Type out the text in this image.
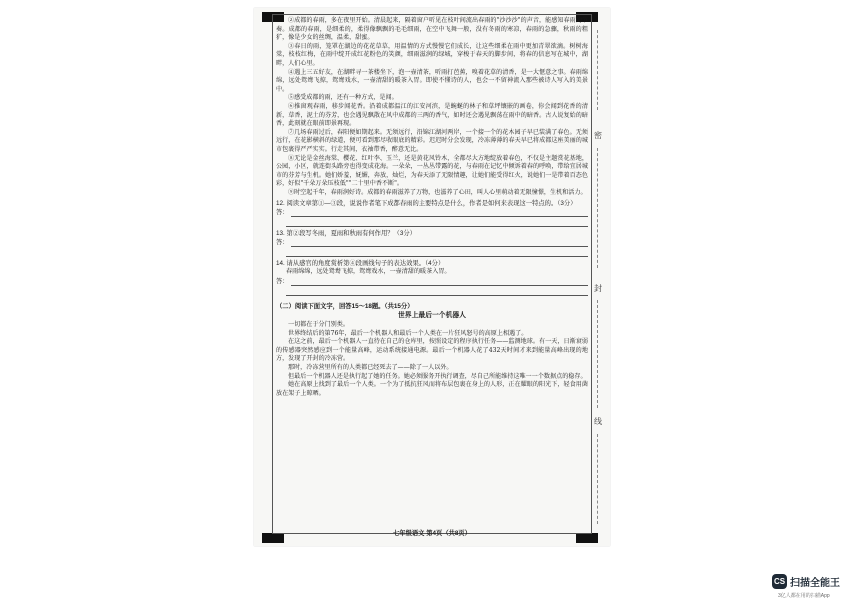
密
封
线

②成都的春雨，多在夜里开始。清晨起来，隔着窗户听见在枝叶间流出春雨的"沙沙沙"的声音，能感知春雨的节奏。成都的春雨，是细柔的，柔得像飘飘的毛毛细雨，在空中飞舞一般，没有冬雨的寒凉，春雨的急骤，秋雨的粗犷，像是少女的丝绸，温柔，甜蜜。

③春日的雨，笼罩在湖边的花花草草，用温情的方式慢慢它们成长，让这些细柔在雨中更加青翠欲滴。树树海棠，枝枝红梅，在雨中绽开成红花粉色的笑颜，细雨滋润的绿城，穿梭于春天的脚步间，将春的信息写在城中，湖畔，人们心里。

④遇上三五好友，在湖畔寻一茶楼坐下，泡一壶清茶，听雨打芭蕉，嗅着花草的清香，是一大惬意之事。春雨绵绵，远处鸳鸯飞掠，鸳鸯戏水，一壶清甜的暖茶入胃。即使不懂诗的人，也会一不留神流入那些被诗人写入的美景中。

⑤感受成都的雨，还有一种方式，是闻。

⑥推窗观春雨，移步闻花香。沿着成都温江的江安河滨，是蜿蜒的林子和草坪镶嵌的画卷，你会闻到花香的清新，草香，泥土的芬芳，也会遇见飘散在风中成都的三两的香气，如时还会遇见飘荡在雨中的暗香。古人说复始的暗香，此刻就在眼前即景再现。

⑦几场春雨过后，春阳便如期起来。无须远行，沿锦江湖河两岸，一个接一个的花木园子早已装满了春色。无须远行，在花影横斜的绿道，便可看到那尽收眼底的精彩。迟迟时分会发现，冷冻薄薄的春天早已将成都这座美丽的城市包裹得严严实实。行走其间，衣袖带香，醉意无比。

⑧无论是金丝海棠、樱花、红叶李、玉兰，还是黄花风铃木，全都尽大方地绽放着春色，不仅是主题赏花基地，公园，小区，就连街头路旁也得变成花海。一朵朵，一丛丛带露的花，与春雨在记忆中倾诉着春的呼唤，带给宜居城市的芬芳与生机。她们娇羞，妩媚，奔放，灿烂，为春天添了无限情趣，让她们能受得红火，说她们一是带着百态色彩，好似"千朵万朵压枝低""二十里中香不断"。

⑨时空起千年，春雨润好诗。成都的春雨滋养了万物，也滋养了心田，叫人心里萌动着无限憧憬，生机和活力。

12. 阅读文章第①—③段，说说作者笔下成都春雨的主要特点是什么，作者是如何来表现这一特点的。（3分）
答：
13. 第②段写冬雨，夏雨和秋雨有何作用？（3分）
答：
14. 请从感官的角度赏析第④段画线句子的表达效果。（4分）

春雨绵绵，远处鸳鸯飞掠，鸳鸯戏水，一壶清甜的暖茶入胃。

答：
（二）阅读下面文字，回答15～18题。（共15分）
世界上最后一个机器人

一切都在于分门别类。

世界终结后的第76年，最后一个机器人和最后一个人类在一片狂风怒号的高原上相遇了。

在这之前，最后一个机器人一直待在自己的仓库里，按照设定的程序执行任务——监测地球。有一天，日渐衰弱的传感器突然感应到一个能量高峰，运动系统接通电源。最后一个机器人花了432天时间才来到能量高峰出现的地方，发现了开封的冷冻营。

那时，冷冻营里所有的人类都已经死去了——除了一人以外。

但最后一个机器人还是执行起了她的任务。她必须服务开执行调查，尽自己所能维持这唯一一个数据点的稳存。

她在高原上找到了最后一个人类。一个为了抵抗狂风而将布层包裹在身上的人形，正在耀眼的阳光下，轻食用菌放在架子上晾晒。

七年级语文 第4页（共8页）
CS 扫描全能王
3亿人都在用的扫描App
